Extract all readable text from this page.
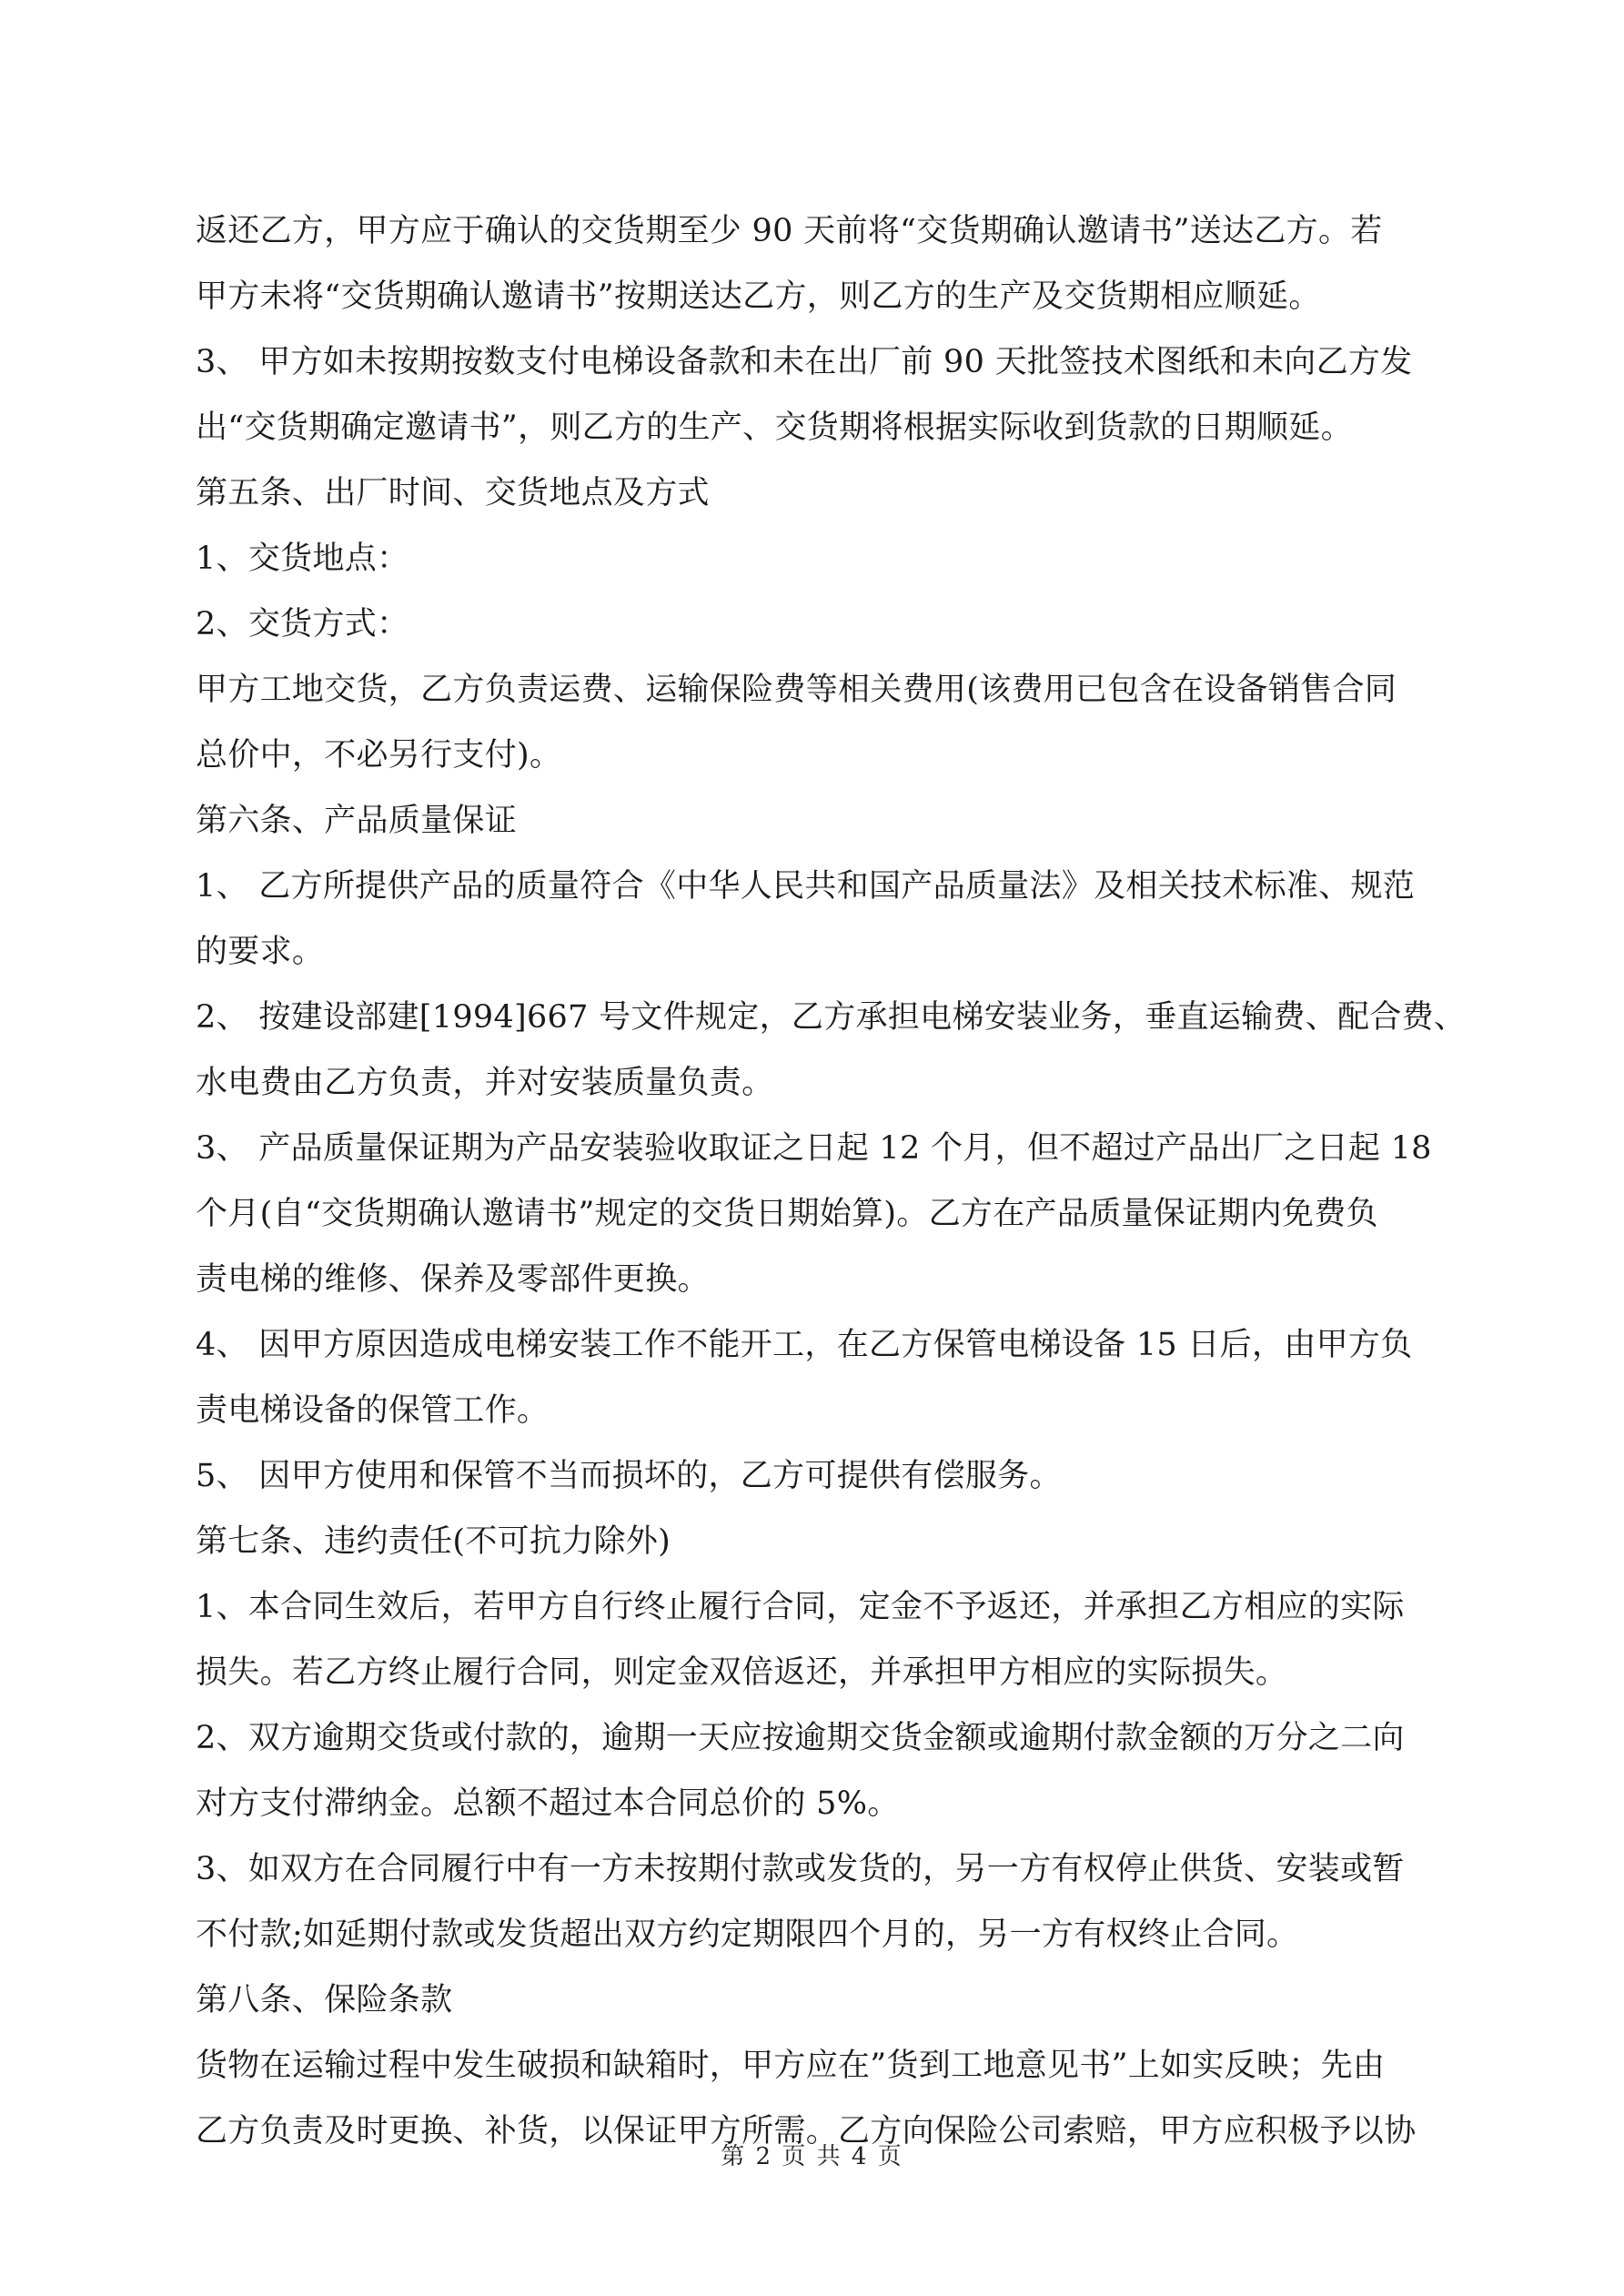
返还乙方，甲方应于确认的交货期至少 90 天前将“交货期确认邀请书”送达乙方。若
甲方未将“交货期确认邀请书”按期送达乙方，则乙方的生产及交货期相应顺延。
3、 甲方如未按期按数支付电梯设备款和未在出厂前 90 天批签技术图纸和未向乙方发
出“交货期确定邀请书”，则乙方的生产、交货期将根据实际收到货款的日期顺延。
第五条、出厂时间、交货地点及方式
1、交货地点：
2、交货方式：
甲方工地交货，乙方负责运费、运输保险费等相关费用(该费用已包含在设备销售合同
总价中，不必另行支付)。
第六条、产品质量保证
1、 乙方所提供产品的质量符合《中华人民共和国产品质量法》及相关技术标准、规范
的要求。
2、 按建设部建[1994]667 号文件规定，乙方承担电梯安装业务，垂直运输费、配合费、
水电费由乙方负责，并对安装质量负责。
3、 产品质量保证期为产品安装验收取证之日起 12 个月，但不超过产品出厂之日起 18
个月(自“交货期确认邀请书”规定的交货日期始算)。乙方在产品质量保证期内免费负
责电梯的维修、保养及零部件更换。
4、 因甲方原因造成电梯安装工作不能开工，在乙方保管电梯设备 15 日后，由甲方负
责电梯设备的保管工作。
5、 因甲方使用和保管不当而损坏的，乙方可提供有偿服务。
第七条、违约责任(不可抗力除外)
1、本合同生效后，若甲方自行终止履行合同，定金不予返还，并承担乙方相应的实际
损失。若乙方终止履行合同，则定金双倍返还，并承担甲方相应的实际损失。
2、双方逾期交货或付款的，逾期一天应按逾期交货金额或逾期付款金额的万分之二向
对方支付滞纳金。总额不超过本合同总价的 5%。
3、如双方在合同履行中有一方未按期付款或发货的，另一方有权停止供货、安装或暂
不付款;如延期付款或发货超出双方约定期限四个月的，另一方有权终止合同。
第八条、保险条款
货物在运输过程中发生破损和缺箱时，甲方应在”货到工地意见书”上如实反映；先由
乙方负责及时更换、补货，以保证甲方所需。乙方向保险公司索赔，甲方应积极予以协
第 2 页 共 4 页
